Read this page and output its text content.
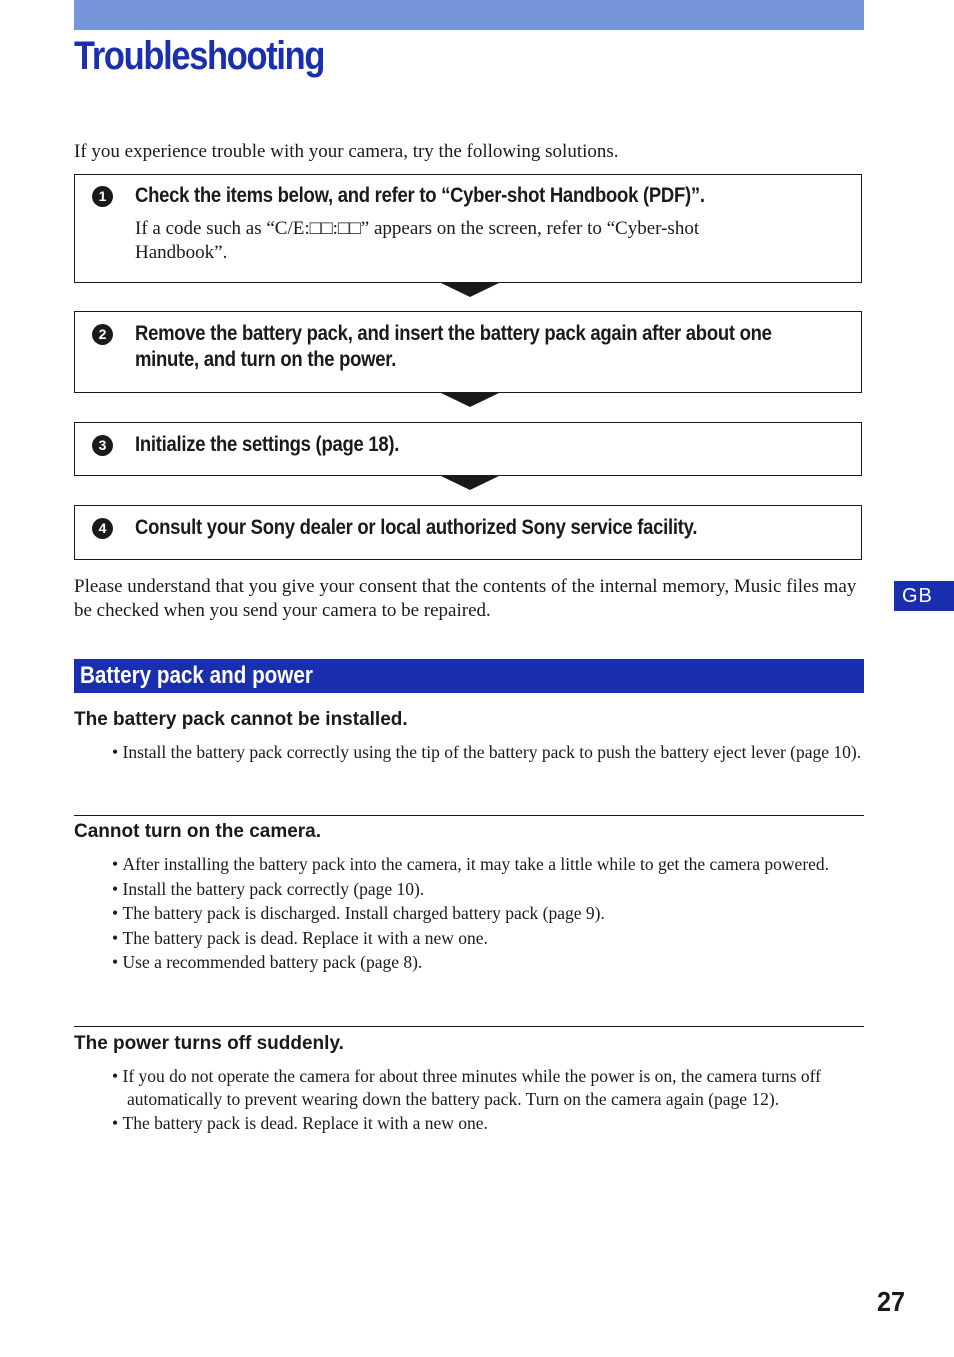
Troubleshooting
If you experience trouble with your camera, try the following solutions.
1	Check the items below, and refer to “Cyber-shot Handbook (PDF)”.
If a code such as “C/E:□□:□□” appears on the screen, refer to “Cyber-shot
Handbook”.
2	Remove the battery pack, and insert the battery pack again after about one
minute, and turn on the power.
3	Initialize the settings (page 18).
4	Consult your Sony dealer or local authorized Sony service facility.
Please understand that you give your consent that the contents of the internal memory, Music files may be checked when you send your camera to be repaired.
GB
Battery pack and power
The battery pack cannot be installed.
• Install the battery pack correctly using the tip of the battery pack to push the battery eject lever (page 10).
Cannot turn on the camera.
• After installing the battery pack into the camera, it may take a little while to get the camera powered.
• Install the battery pack correctly (page 10).
• The battery pack is discharged. Install charged battery pack (page 9).
• The battery pack is dead. Replace it with a new one.
• Use a recommended battery pack (page 8).
The power turns off suddenly.
• If you do not operate the camera for about three minutes while the power is on, the camera turns off automatically to prevent wearing down the battery pack. Turn on the camera again (page 12).
• The battery pack is dead. Replace it with a new one.
27
